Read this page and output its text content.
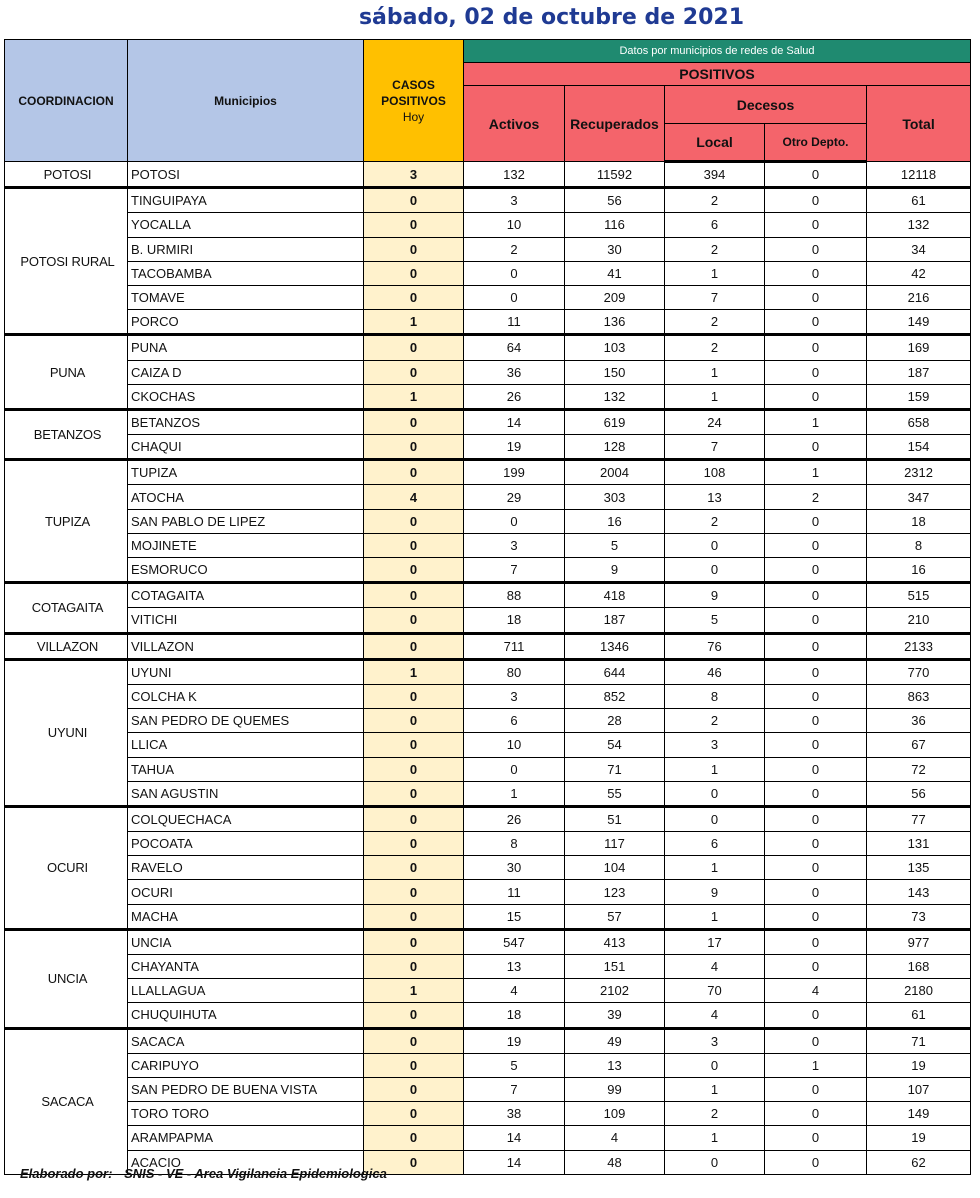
sábado, 02 de octubre de 2021
COORDINACION	Municipios	CASOS
POSITIVOS
Hoy	Datos por municipios de redes de Salud				
			POSITIVOS				
			Activos	Recuperados	Decesos		Total
					Local	Otro Depto.	
POTOSI	POTOSI	3	132	11592	394	0	12118
POTOSI RURAL	TINGUIPAYA	0	3	56	2	0	61
	YOCALLA	0	10	116	6	0	132
	B. URMIRI	0	2	30	2	0	34
	TACOBAMBA	0	0	41	1	0	42
	TOMAVE	0	0	209	7	0	216
	PORCO	1	11	136	2	0	149
PUNA	PUNA	0	64	103	2	0	169
	CAIZA D	0	36	150	1	0	187
	CKOCHAS	1	26	132	1	0	159
BETANZOS	BETANZOS	0	14	619	24	1	658
	CHAQUI	0	19	128	7	0	154
TUPIZA	TUPIZA	0	199	2004	108	1	2312
	ATOCHA	4	29	303	13	2	347
	SAN PABLO DE LIPEZ	0	0	16	2	0	18
	MOJINETE	0	3	5	0	0	8
	ESMORUCO	0	7	9	0	0	16
COTAGAITA	COTAGAITA	0	88	418	9	0	515
	VITICHI	0	18	187	5	0	210
VILLAZON	VILLAZON	0	711	1346	76	0	2133
UYUNI	UYUNI	1	80	644	46	0	770
	COLCHA K	0	3	852	8	0	863
	SAN PEDRO DE QUEMES	0	6	28	2	0	36
	LLICA	0	10	54	3	0	67
	TAHUA	0	0	71	1	0	72
	SAN AGUSTIN	0	1	55	0	0	56
OCURI	COLQUECHACA	0	26	51	0	0	77
	POCOATA	0	8	117	6	0	131
	RAVELO	0	30	104	1	0	135
	OCURI	0	11	123	9	0	143
	MACHA	0	15	57	1	0	73
UNCIA	UNCIA	0	547	413	17	0	977
	CHAYANTA	0	13	151	4	0	168
	LLALLAGUA	1	4	2102	70	4	2180
	CHUQUIHUTA	0	18	39	4	0	61
SACACA	SACACA	0	19	49	3	0	71
	CARIPUYO	0	5	13	0	1	19
	SAN PEDRO DE BUENA VISTA	0	7	99	1	0	107
	TORO TORO	0	38	109	2	0	149
	ARAMPAPMA	0	14	4	1	0	19
	ACACIO	0	14	48	0	0	62
Elaborado por: SNIS - VE - Area Vigilancia Epidemiologica
